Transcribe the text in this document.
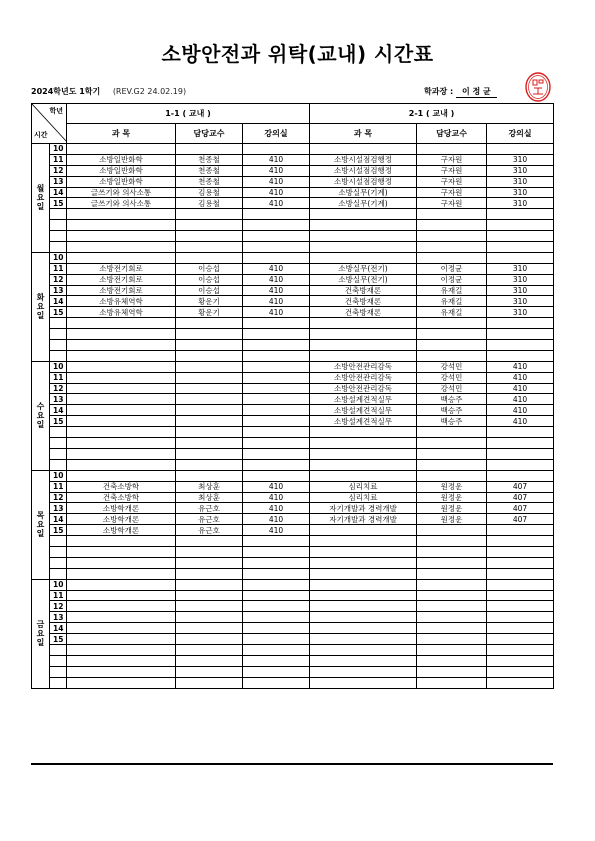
소방안전과 위탁(교내) 시간표
2024학년도 1학기 (REV.G2 24.02.19)	학과장 : 이 정 균
학년
시간		1-1 ( 교내 )			2-1 ( 교내 )		
		과 목	담당교수	강의실	과 목	담당교수	강의실
월
요
일	10						
	11	소방일반화학	천종철	410	소방시설점검행정	구자원	310
	12	소방일반화학	천종철	410	소방시설점검행정	구자원	310
	13	소방일반화학	천종철	410	소방시설점검행정	구자원	310
	14	글쓰기와 의사소통	김용철	410	소방실무(기계)	구자원	310
	15	글쓰기와 의사소통	김용철	410	소방실무(기계)	구자원	310

화
요
일	10						
	11	소방전기회로	이승섭	410	소방실무(전기)	이정균	310
	12	소방전기회로	이승섭	410	소방실무(전기)	이정균	310
	13	소방전기회로	이승섭	410	건축방재론	유재길	310
	14	소방유체역학	황운기	410	건축방재론	유재길	310
	15	소방유체역학	황운기	410	건축방재론	유재길	310

수
요
일	10				소방안전관리감독	강석민	410
	11				소방안전관리감독	강석민	410
	12				소방안전관리감독	강석민	410
	13				소방설계견적실무	백승주	410
	14				소방설계견적실무	백승주	410
	15				소방설계견적실무	백승주	410

목
요
일	10						
	11	건축소방학	최상훈	410	심리치료	원정운	407
	12	건축소방학	최상훈	410	심리치료	원정운	407
	13	소방학개론	유근호	410	자기개발과 경력개발	원정운	407
	14	소방학개론	유근호	410	자기개발과 경력개발	원정운	407
	15	소방학개론	유근호	410			

금
요
일	10						
	11						
	12						
	13						
	14						
	15						
